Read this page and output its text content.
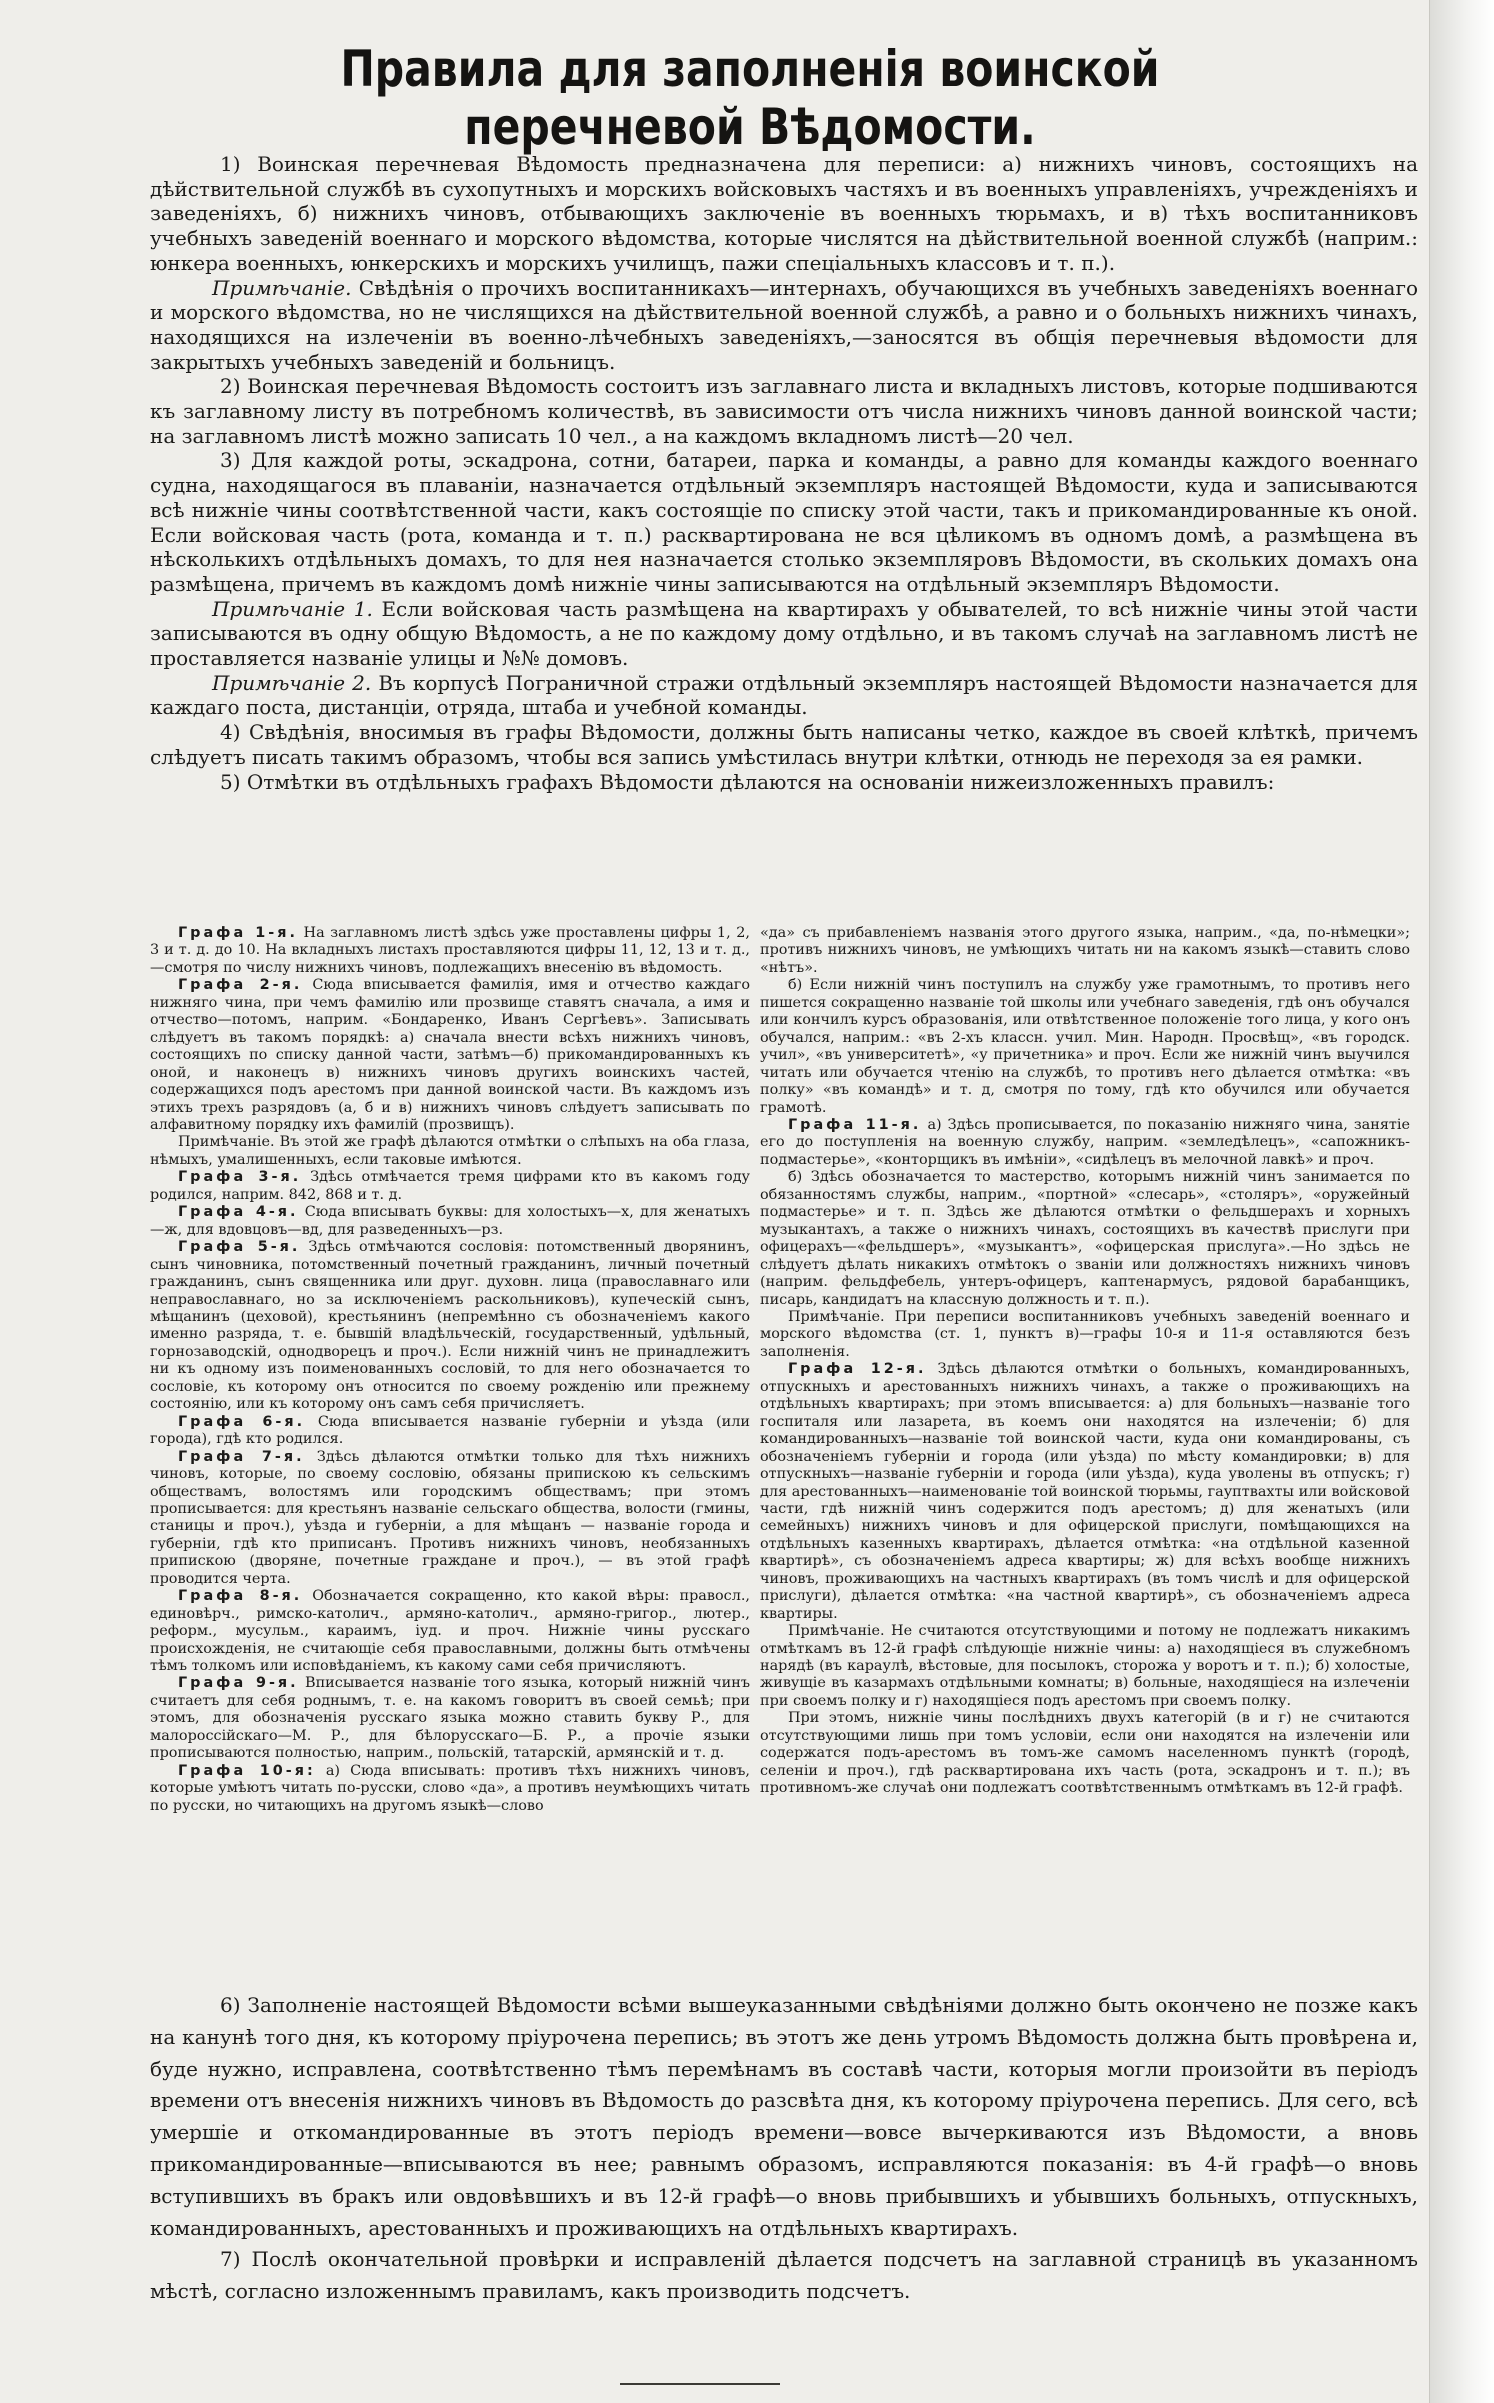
Правила для заполненія воинской перечневой Вѣдомости.

1) Воинская перечневая Вѣдомость предназначена для переписи: а) нижнихъ чиновъ, состоящихъ на дѣйствительной службѣ въ сухопутныхъ и морскихъ войсковыхъ частяхъ и въ военныхъ управленіяхъ, учрежденіяхъ и заведеніяхъ, б) нижнихъ чиновъ, отбывающихъ заключеніе въ военныхъ тюрьмахъ, и в) тѣхъ воспитанниковъ учебныхъ заведеній военнаго и морского вѣдомства, которые числятся на дѣйствительной военной службѣ (наприм.: юнкера военныхъ, юнкерскихъ и морскихъ училищъ, пажи спеціальныхъ классовъ и т. п.).

Примѣчаніе. Свѣдѣнія о прочихъ воспитанникахъ—интернахъ, обучающихся въ учебныхъ заведеніяхъ военнаго и морского вѣдомства, но не числящихся на дѣйствительной военной службѣ, а равно и о больныхъ нижнихъ чинахъ, находящихся на излеченіи въ военно-лѣчебныхъ заведеніяхъ,—заносятся въ общія перечневыя вѣдомости для закрытыхъ учебныхъ заведеній и больницъ.

2) Воинская перечневая Вѣдомость состоитъ изъ заглавнаго листа и вкладныхъ листовъ, которые подшиваются къ заглавному листу въ потребномъ количествѣ, въ зависимости отъ числа нижнихъ чиновъ данной воинской части; на заглавномъ листѣ можно записать 10 чел., а на каждомъ вкладномъ листѣ—20 чел.

3) Для каждой роты, эскадрона, сотни, батареи, парка и команды, а равно для команды каждого военнаго судна, находящагося въ плаваніи, назначается отдѣльный экземпляръ настоящей Вѣдомости, куда и записываются всѣ нижніе чины соотвѣтственной части, какъ состоящіе по списку этой части, такъ и прикомандированные къ оной. Если войсковая часть (рота, команда и т. п.) расквартирована не вся цѣликомъ въ одномъ домѣ, а размѣщена въ нѣсколькихъ отдѣльныхъ домахъ, то для нея назначается столько экземпляровъ Вѣдомости, въ скольких домахъ она размѣщена, причемъ въ каждомъ домѣ нижніе чины записываются на отдѣльный экземпляръ Вѣдомости.

Примѣчаніе 1. Если войсковая часть размѣщена на квартирахъ у обывателей, то всѣ нижніе чины этой части записываются въ одну общую Вѣдомость, а не по каждому дому отдѣльно, и въ такомъ случаѣ на заглавномъ листѣ не проставляется названіе улицы и №№ домовъ.

Примѣчаніе 2. Въ корпусѣ Пограничной стражи отдѣльный экземпляръ настоящей Вѣдомости назначается для каждаго поста, дистанціи, отряда, штаба и учебной команды.

4) Свѣдѣнія, вносимыя въ графы Вѣдомости, должны быть написаны четко, каждое въ своей клѣткѣ, причемъ слѣдуетъ писать такимъ образомъ, чтобы вся запись умѣстилась внутри клѣтки, отнюдь не переходя за ея рамки.

5) Отмѣтки въ отдѣльныхъ графахъ Вѣдомости дѣлаются на основаніи нижеизложенныхъ правилъ:

Графа 1-я. На заглавномъ листѣ здѣсь уже проставлены цифры 1, 2, 3 и т. д. до 10. На вкладныхъ листахъ проставляются цифры 11, 12, 13 и т. д.,—смотря по числу нижнихъ чиновъ, подлежащихъ внесенію въ вѣдомость.

Графа 2-я. Сюда вписывается фамилія, имя и отчество каждаго нижняго чина, при чемъ фамилію или прозвище ставятъ сначала, а имя и отчество—потомъ, наприм. «Бондаренко, Иванъ Сергѣевъ». Записывать слѣдуетъ въ такомъ порядкѣ: а) сначала внести всѣхъ нижнихъ чиновъ, состоящихъ по списку данной части, затѣмъ—б) прикомандированныхъ къ оной, и наконецъ в) нижнихъ чиновъ другихъ воинскихъ частей, содержащихся подъ арестомъ при данной воинской части. Въ каждомъ изъ этихъ трехъ разрядовъ (а, б и в) нижнихъ чиновъ слѣдуетъ записывать по алфавитному порядку ихъ фамилій (прозвищъ).

Примѣчаніе. Въ этой же графѣ дѣлаются отмѣтки о слѣпыхъ на оба глаза, нѣмыхъ, умалишенныхъ, если таковые имѣются.

Графа 3-я. Здѣсь отмѣчается тремя цифрами кто въ какомъ году родился, наприм. 842, 868 и т. д.

Графа 4-я. Сюда вписывать буквы: для холостыхъ—х, для женатыхъ—ж, для вдовцовъ—вд, для разведенныхъ—рз.

Графа 5-я. Здѣсь отмѣчаются сословія: потомственный дворянинъ, сынъ чиновника, потомственный почетный гражданинъ, личный почетный гражданинъ, сынъ священника или друг. духовн. лица (православнаго или неправославнаго, но за исключеніемъ раскольниковъ), купеческій сынъ, мѣщанинъ (цеховой), крестьянинъ (непремѣнно съ обозначеніемъ какого именно разряда, т. е. бывшій владѣльческій, государственный, удѣльный, горнозаводскій, однодворецъ и проч.). Если нижній чинъ не принадлежитъ ни къ одному изъ поименованныхъ сословій, то для него обозначается то сословіе, къ которому онъ относится по своему рожденію или прежнему состоянію, или къ которому онъ самъ себя причисляетъ.

Графа 6-я. Сюда вписывается названіе губерніи и уѣзда (или города), гдѣ кто родился.

Графа 7-я. Здѣсь дѣлаются отмѣтки только для тѣхъ нижнихъ чиновъ, которые, по своему сословію, обязаны припискою къ сельскимъ обществамъ, волостямъ или городскимъ обществамъ; при этомъ прописывается: для крестьянъ названіе сельскаго общества, волости (гмины, станицы и проч.), уѣзда и губерніи, а для мѣщанъ — названіе города и губерніи, гдѣ кто приписанъ. Противъ нижнихъ чиновъ, необязанныхъ припискою (дворяне, почетные граждане и проч.), — въ этой графѣ проводится черта.

Графа 8-я. Обозначается сокращенно, кто какой вѣры: правосл., единовѣрч., римско-католич., армяно-католич., армяно-григор., лютер., реформ., мусульм., караимъ, іуд. и проч. Нижніе чины русскаго происхожденія, не считающіе себя православными, должны быть отмѣчены тѣмъ толкомъ или исповѣданіемъ, къ какому сами себя причисляютъ.

Графа 9-я. Вписывается названіе того языка, который нижній чинъ считаетъ для себя роднымъ, т. е. на какомъ говоритъ въ своей семьѣ; при этомъ, для обозначенія русскаго языка можно ставить букву Р., для малороссійскаго—М. Р., для бѣлорусскаго—Б. Р., а прочіе языки прописываются полностью, наприм., польскій, татарскій, армянскій и т. д.

Графа 10-я: а) Сюда вписывать: противъ тѣхъ нижнихъ чиновъ, которые умѣютъ читать по-русски, слово «да», а противъ неумѣющихъ читать по русски, но читающихъ на другомъ языкѣ—слово

«да» съ прибавленіемъ названія этого другого языка, наприм., «да, по-нѣмецки»; противъ нижнихъ чиновъ, не умѣющихъ читать ни на какомъ языкѣ—ставить слово «нѣтъ».

б) Если нижній чинъ поступилъ на службу уже грамотнымъ, то противъ него пишется сокращенно названіе той школы или учебнаго заведенія, гдѣ онъ обучался или кончилъ курсъ образованія, или отвѣтственное положеніе того лица, у кого онъ обучался, наприм.: «въ 2-хъ классн. учил. Мин. Народн. Просвѣщ», «въ городск. учил», «въ университетѣ», «у причетника» и проч. Если же нижній чинъ выучился читать или обучается чтенію на службѣ, то противъ него дѣлается отмѣтка: «въ полку» «въ командѣ» и т. д, смотря по тому, гдѣ кто обучился или обучается грамотѣ.

Графа 11-я. а) Здѣсь прописывается, по показанію нижняго чина, занятіе его до поступленія на военную службу, наприм. «земледѣлецъ», «сапожникъ-подмастерье», «конторщикъ въ имѣніи», «сидѣлецъ въ мелочной лавкѣ» и проч.

б) Здѣсь обозначается то мастерство, которымъ нижній чинъ занимается по обязанностямъ службы, наприм., «портной» «слесарь», «столяръ», «оружейный подмастерье» и т. п. Здѣсь же дѣлаются отмѣтки о фельдшерахъ и хорныхъ музыкантахъ, а также о нижнихъ чинахъ, состоящихъ въ качествѣ прислуги при офицерахъ—«фельдшеръ», «музыкантъ», «офицерская прислуга».—Но здѣсь не слѣдуетъ дѣлать никакихъ отмѣтокъ о званіи или должностяхъ нижнихъ чиновъ (наприм. фельдфебель, унтеръ-офицеръ, каптенармусъ, рядовой барабанщикъ, писарь, кандидатъ на классную должность и т. п.).

Примѣчаніе. При переписи воспитанниковъ учебныхъ заведеній военнаго и морского вѣдомства (ст. 1, пунктъ в)—графы 10-я и 11-я оставляются безъ заполненія.

Графа 12-я. Здѣсь дѣлаются отмѣтки о больныхъ, командированныхъ, отпускныхъ и арестованныхъ нижнихъ чинахъ, а также о проживающихъ на отдѣльныхъ квартирахъ; при этомъ вписывается: а) для больныхъ—названіе того госпиталя или лазарета, въ коемъ они находятся на излеченіи; б) для командированныхъ—названіе той воинской части, куда они командированы, съ обозначеніемъ губерніи и города (или уѣзда) по мѣсту командировки; в) для отпускныхъ—названіе губерніи и города (или уѣзда), куда уволены въ отпускъ; г) для арестованныхъ—наименованіе той воинской тюрьмы, гауптвахты или войсковой части, гдѣ нижній чинъ содержится подъ арестомъ; д) для женатыхъ (или семейныхъ) нижнихъ чиновъ и для офицерской прислуги, помѣщающихся на отдѣльныхъ казенныхъ квартирахъ, дѣлается отмѣтка: «на отдѣльной казенной квартирѣ», съ обозначеніемъ адреса квартиры; ж) для всѣхъ вообще нижнихъ чиновъ, проживающихъ на частныхъ квартирахъ (въ томъ числѣ и для офицерской прислуги), дѣлается отмѣтка: «на частной квартирѣ», съ обозначеніемъ адреса квартиры.

Примѣчаніе. Не считаются отсутствующими и потому не подлежатъ никакимъ отмѣткамъ въ 12-й графѣ слѣдующіе нижніе чины: а) находящіеся въ служебномъ нарядѣ (въ караулѣ, вѣстовые, для посылокъ, сторожа у воротъ и т. п.); б) холостые, живущіе въ казармахъ отдѣльными комнаты; в) больные, находящіеся на излеченіи при своемъ полку и г) находящіеся подъ арестомъ при своемъ полку.

При этомъ, нижніе чины послѣднихъ двухъ категорій (в и г) не считаются отсутствующими лишь при томъ условіи, если они находятся на излеченіи или содержатся подъ-арестомъ въ томъ-же самомъ населенномъ пунктѣ (городѣ, селеніи и проч.), гдѣ расквартирована ихъ часть (рота, эскадронъ и т. п.); въ противномъ-же случаѣ они подлежатъ соотвѣтственнымъ отмѣткамъ въ 12-й графѣ.

6) Заполненіе настоящей Вѣдомости всѣми вышеуказанными свѣдѣніями должно быть окончено не позже какъ на канунѣ того дня, къ которому пріурочена перепись; въ этотъ же день утромъ Вѣдомость должна быть провѣрена и, буде нужно, исправлена, соотвѣтственно тѣмъ перемѣнамъ въ составѣ части, которыя могли произойти въ періодъ времени отъ внесенія нижнихъ чиновъ въ Вѣдомость до разсвѣта дня, къ которому пріурочена перепись. Для сего, всѣ умершіе и откомандированные въ этотъ періодъ времени—вовсе вычеркиваются изъ Вѣдомости, а вновь прикомандированные—вписываются въ нее; равнымъ образомъ, исправляются показанія: въ 4-й графѣ—о вновь вступившихъ въ бракъ или овдовѣвшихъ и въ 12-й графѣ—о вновь прибывшихъ и убывшихъ больныхъ, отпускныхъ, командированныхъ, арестованныхъ и проживающихъ на отдѣльныхъ квартирахъ.

7) Послѣ окончательной провѣрки и исправленій дѣлается подсчетъ на заглавной страницѣ въ указанномъ мѣстѣ, согласно изложеннымъ правиламъ, какъ производить подсчетъ.
